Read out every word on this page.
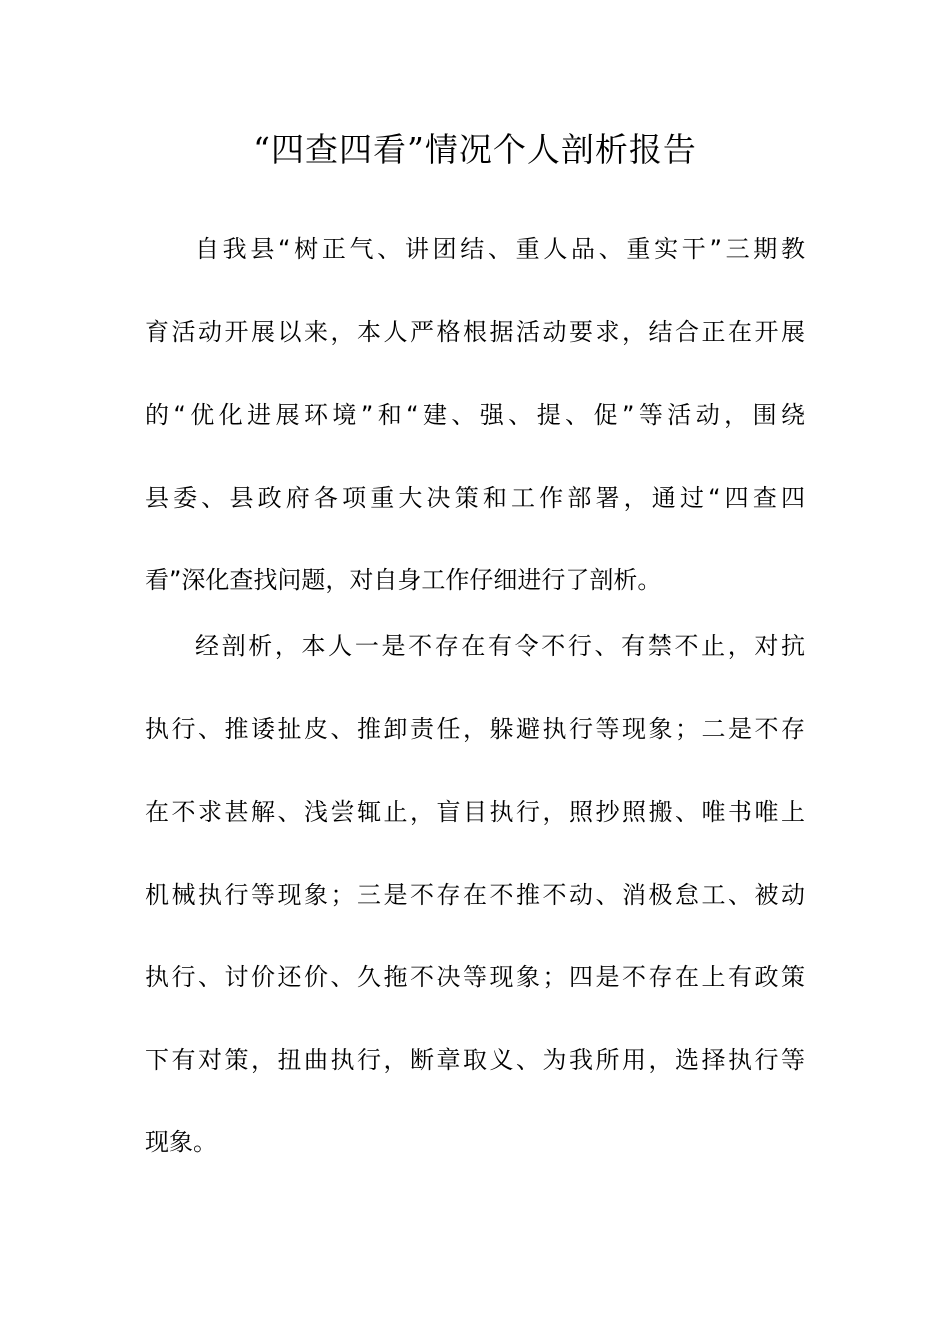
“四查四看”情况个人剖析报告
自我县“树正气、讲团结、重人品、重实干”三期教
育活动开展以来，本人严格根据活动要求，结合正在开展
的“优化进展环境”和“建、强、提、促”等活动，围绕
县委、县政府各项重大决策和工作部署，通过“四查四
看”深化查找问题，对自身工作仔细进行了剖析。
经剖析，本人一是不存在有令不行、有禁不止，对抗
执行、推诿扯皮、推卸责任，躲避执行等现象；二是不存
在不求甚解、浅尝辄止，盲目执行，照抄照搬、唯书唯上
机械执行等现象；三是不存在不推不动、消极怠工、被动
执行、讨价还价、久拖不决等现象；四是不存在上有政策
下有对策，扭曲执行，断章取义、为我所用，选择执行等
现象。
